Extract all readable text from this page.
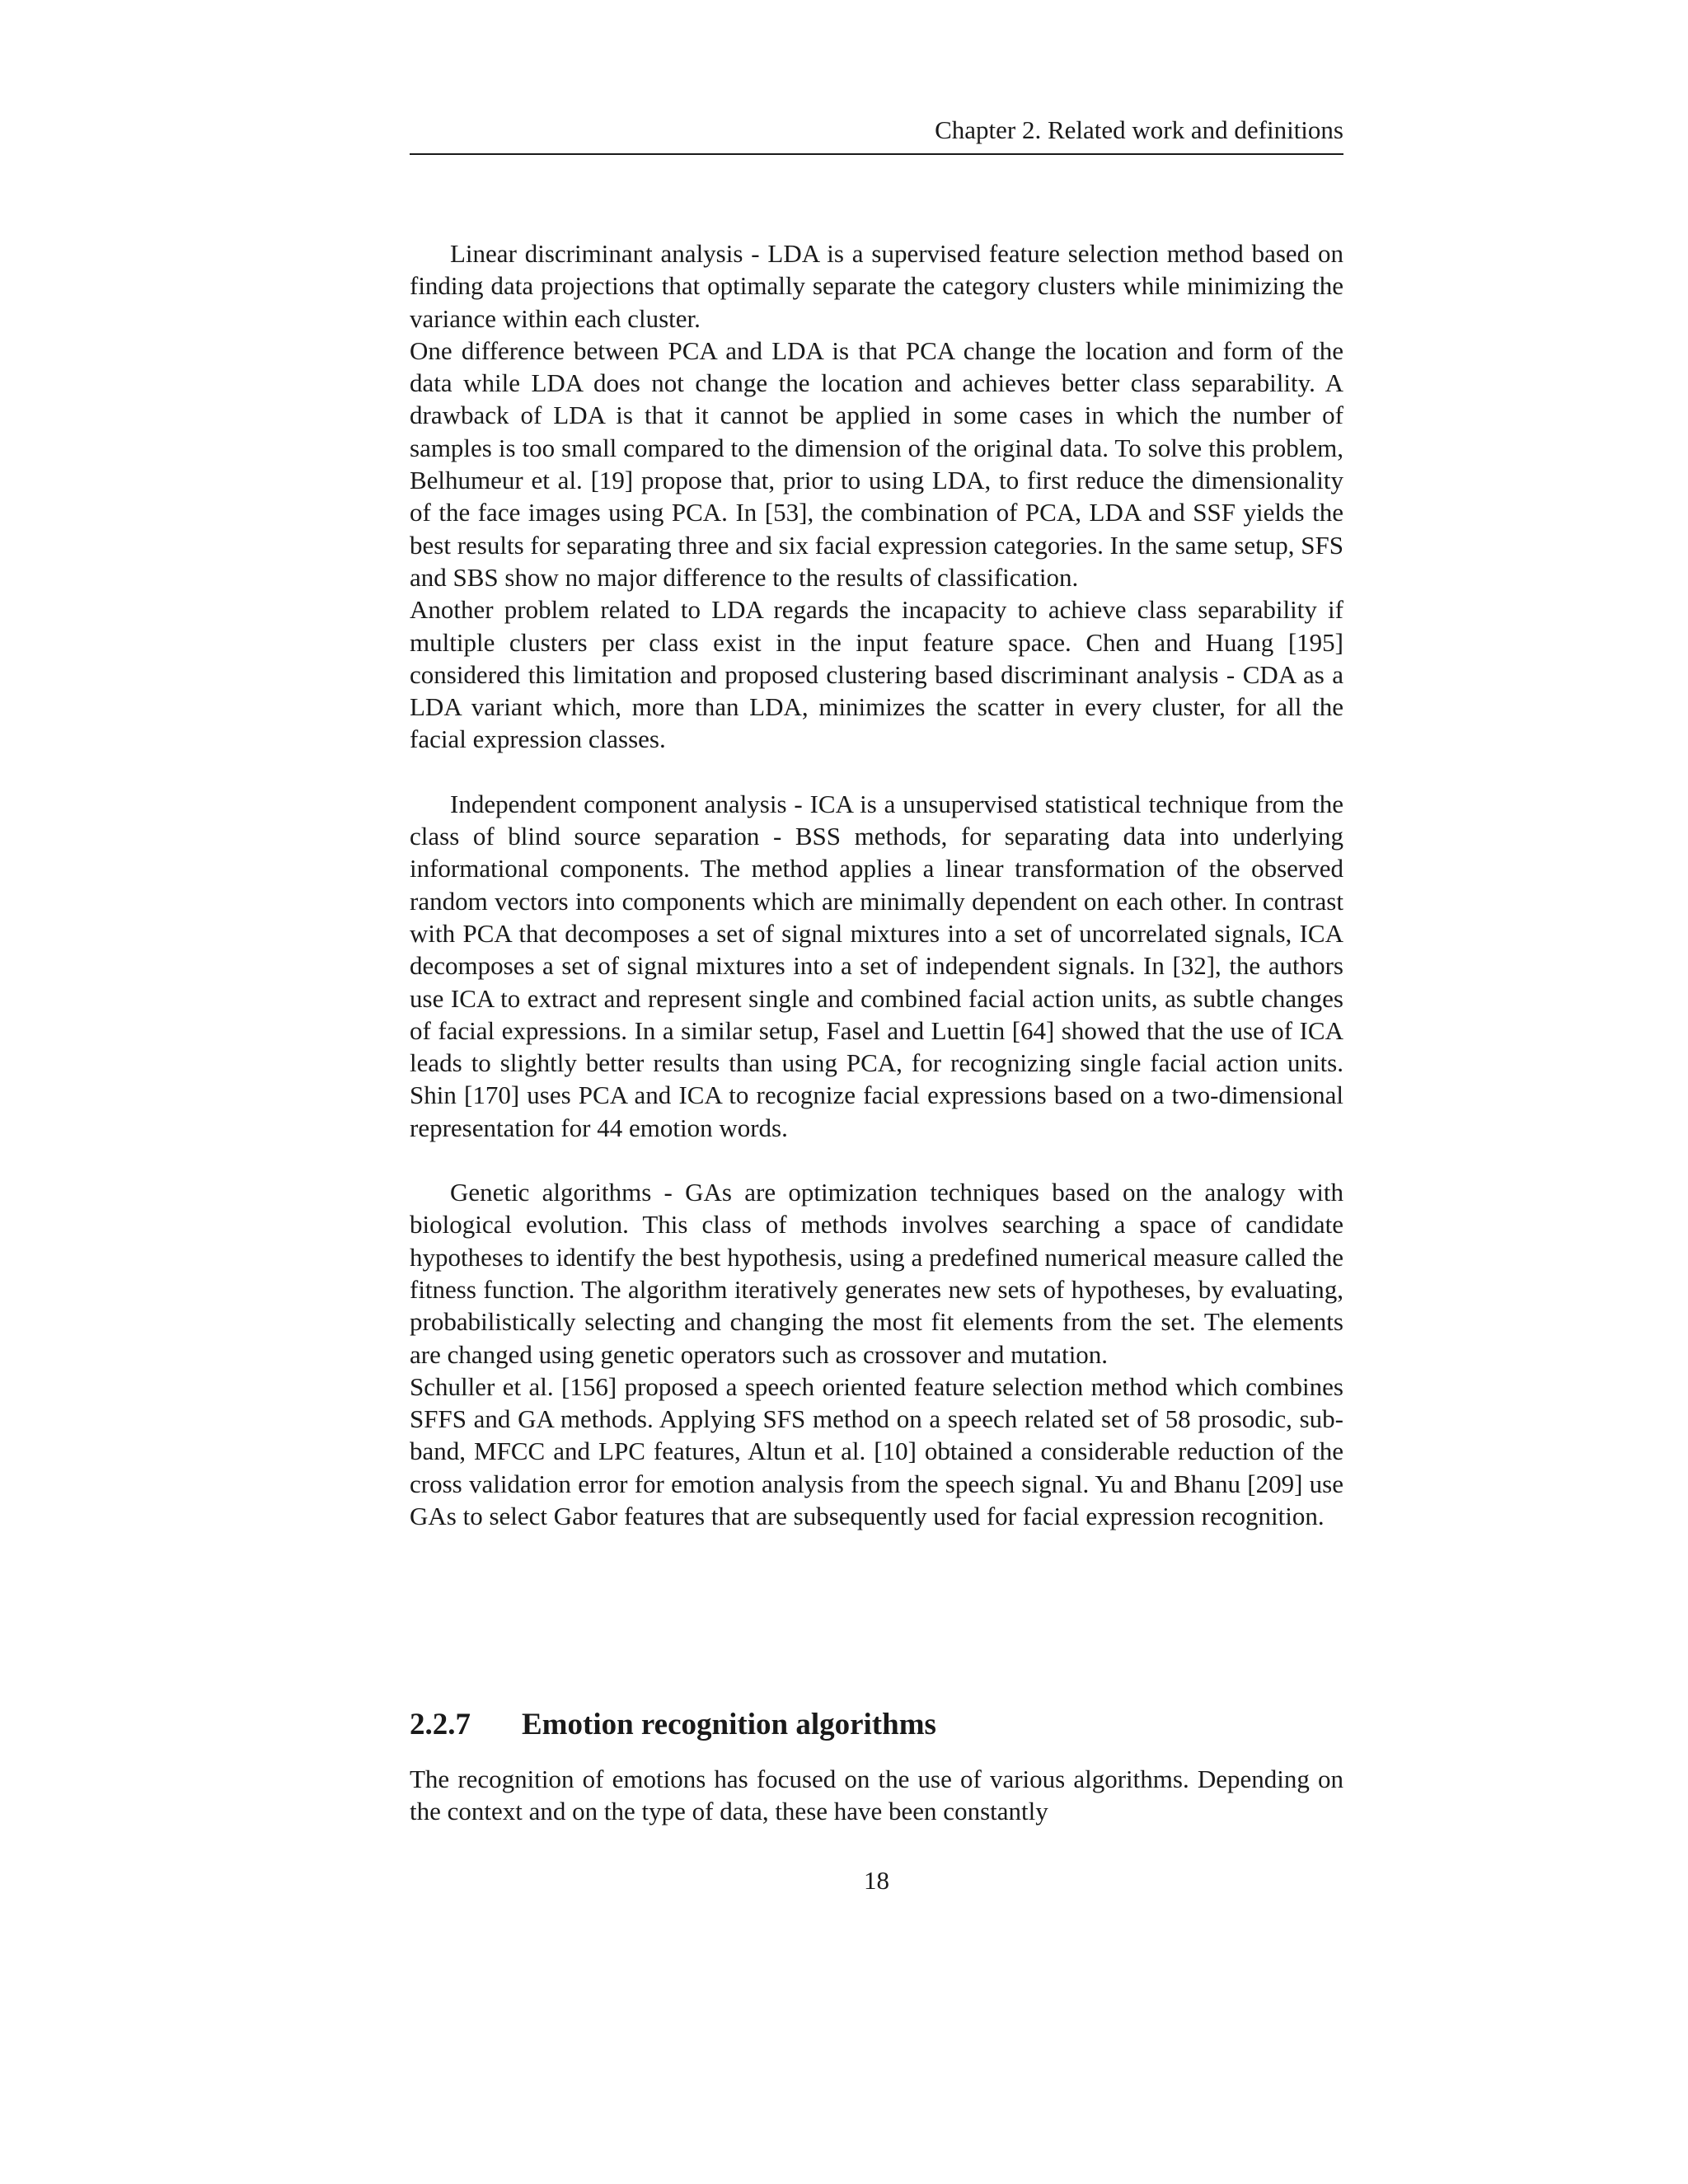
Chapter 2. Related work and definitions

Linear discriminant analysis - LDA is a supervised feature selection method based on finding data projections that optimally separate the category clusters while minimizing the variance within each cluster.

One difference between PCA and LDA is that PCA change the location and form of the data while LDA does not change the location and achieves better class separability. A drawback of LDA is that it cannot be applied in some cases in which the number of samples is too small compared to the dimension of the original data. To solve this problem, Belhumeur et al. [19] propose that, prior to using LDA, to first reduce the dimensionality of the face images using PCA. In [53], the combination of PCA, LDA and SSF yields the best results for separating three and six facial expression categories. In the same setup, SFS and SBS show no major difference to the results of classification.

Another problem related to LDA regards the incapacity to achieve class separability if multiple clusters per class exist in the input feature space. Chen and Huang [195] considered this limitation and proposed clustering based discriminant analysis - CDA as a LDA variant which, more than LDA, minimizes the scatter in every cluster, for all the facial expression classes.

Independent component analysis - ICA is a unsupervised statistical technique from the class of blind source separation - BSS methods, for separating data into underlying informational components. The method applies a linear transformation of the observed random vectors into components which are minimally dependent on each other. In contrast with PCA that decomposes a set of signal mixtures into a set of uncorrelated signals, ICA decomposes a set of signal mixtures into a set of independent signals. In [32], the authors use ICA to extract and represent single and combined facial action units, as subtle changes of facial expressions. In a similar setup, Fasel and Luettin [64] showed that the use of ICA leads to slightly better results than using PCA, for recognizing single facial action units. Shin [170] uses PCA and ICA to recognize facial expressions based on a two-dimensional representation for 44 emotion words.

Genetic algorithms - GAs are optimization techniques based on the analogy with biological evolution. This class of methods involves searching a space of candidate hypotheses to identify the best hypothesis, using a predefined numerical measure called the fitness function. The algorithm iteratively generates new sets of hypotheses, by evaluating, probabilistically selecting and changing the most fit elements from the set. The elements are changed using genetic operators such as crossover and mutation.

Schuller et al. [156] proposed a speech oriented feature selection method which combines SFFS and GA methods. Applying SFS method on a speech related set of 58 prosodic, sub-band, MFCC and LPC features, Altun et al. [10] obtained a considerable reduction of the cross validation error for emotion analysis from the speech signal. Yu and Bhanu [209] use GAs to select Gabor features that are subsequently used for facial expression recognition.

2.2.7 Emotion recognition algorithms

The recognition of emotions has focused on the use of various algorithms. Depending on the context and on the type of data, these have been constantly

18
